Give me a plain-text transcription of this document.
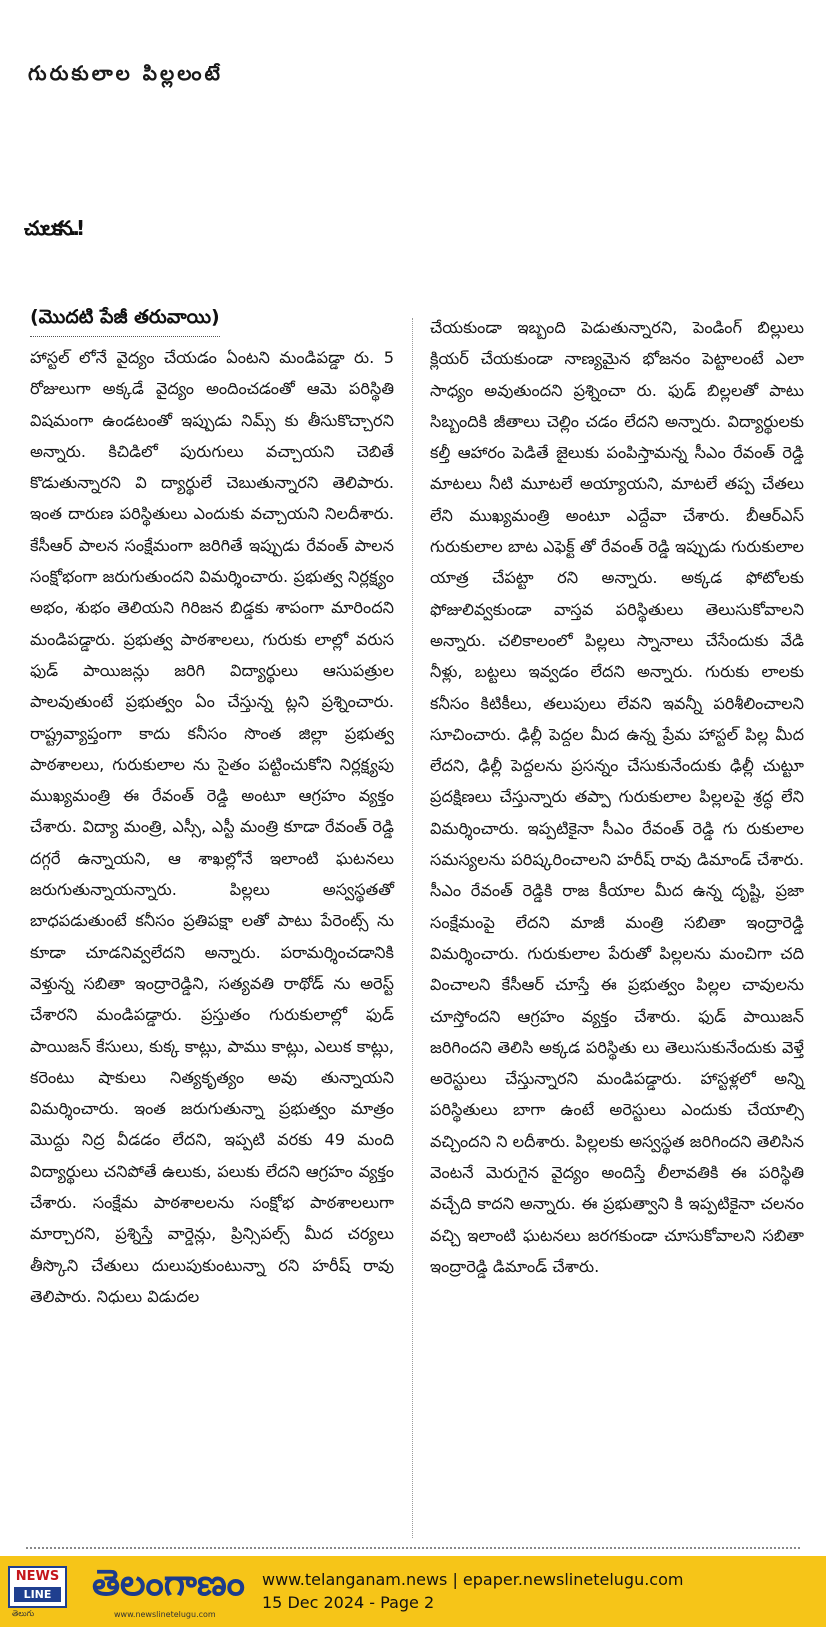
గురుకులాల పిల్లలంటే
చులకన..!
(మొదటి పేజీ తరువాయి)

హాస్టల్ లోనే వైద్యం చేయడం ఏంటని మండిపడ్డా రు. 5 రోజులుగా అక్కడే వైద్యం అందించడంతో ఆమె పరిస్థితి విషమంగా ఉండటంతో ఇప్పుడు నిమ్స్ కు తీసుకొచ్చారని అన్నారు. కిచిడిలో పురుగులు వచ్చాయని చెబితే కొడుతున్నారని వి ద్యార్థులే చెబుతున్నారని తెలిపారు. ఇంత దారుణ పరిస్థితులు ఎందుకు వచ్చాయని నిలదీశారు. కేసీఆర్ పాలన సంక్షేమంగా జరిగితే ఇప్పుడు రేవంత్ పాలన సంక్షోభంగా జరుగుతుందని విమర్శించారు. ప్రభుత్వ నిర్లక్ష్యం అభం, శుభం తెలియని గిరిజన బిడ్డకు శాపంగా మారిందని మండిపడ్డారు. ప్రభుత్వ పాఠశాలలు, గురుకు లాల్లో వరుస ఫుడ్ పాయిజన్లు జరిగి విద్యార్థులు ఆసుపత్రుల పాలవుతుంటే ప్రభుత్వం ఏం చేస్తున్న ట్లని ప్రశ్నించారు. రాష్ట్రవ్యాప్తంగా కాదు కనీసం సొంత జిల్లా ప్రభుత్వ పాఠశాలలు, గురుకులాల ను సైతం పట్టించుకోని నిర్లక్ష్యపు ముఖ్యమంత్రి ఈ రేవంత్ రెడ్డి అంటూ ఆగ్రహం వ్యక్తం చేశారు. విద్యా మంత్రి, ఎస్సీ, ఎస్టీ మంత్రి కూడా రేవంత్ రెడ్డి దగ్గరే ఉన్నాయని, ఆ శాఖల్లోనే ఇలాంటి ఘటనలు జరుగుతున్నాయన్నారు. పిల్లలు అస్వస్థతతో బాధపడుతుంటే కనీసం ప్రతిపక్షా లతో పాటు పేరెంట్స్ ను కూడా చూడనివ్వలేదని అన్నారు. పరామర్శించడానికి వెళ్తున్న సబితా ఇంద్రారెడ్డిని, సత్యవతి రాథోడ్ ను అరెస్ట్ చేశారని మండిపడ్డారు. ప్రస్తుతం గురుకులాల్లో ఫుడ్ పాయిజన్ కేసులు, కుక్క కాట్లు, పాము కాట్లు, ఎలుక కాట్లు, కరెంటు షాకులు నిత్యకృత్యం అవు తున్నాయని విమర్శించారు. ఇంత జరుగుతున్నా ప్రభుత్వం మాత్రం మొద్దు నిద్ర వీడడం లేదని, ఇప్పటి వరకు 49 మంది విద్యార్థులు చనిపోతే ఉలుకు, పలుకు లేదని ఆగ్రహం వ్యక్తం చేశారు. సంక్షేమ పాఠశాలలను సంక్షోభ పాఠశాలలుగా మార్చారని, ప్రశ్నిస్తే వార్డెన్లు, ప్రిన్సిపల్స్ మీద చర్యలు తీస్కొని చేతులు దులుపుకుంటున్నా రని హరీష్ రావు తెలిపారు. నిధులు విడుదల

చేయకుండా ఇబ్బంది పెడుతున్నారని, పెండింగ్ బిల్లులు క్లియర్ చేయకుండా నాణ్యమైన భోజనం పెట్టాలంటే ఎలా సాధ్యం అవుతుందని ప్రశ్నించా రు. ఫుడ్ బిల్లలతో పాటు సిబ్బందికి జీతాలు చెల్లిం చడం లేదని అన్నారు. విద్యార్థులకు కల్తీ ఆహారం పెడితే జైలుకు పంపిస్తామన్న సీఎం రేవంత్ రెడ్డి మాటలు నీటి మూటలే అయ్యాయని, మాటలే తప్ప చేతలు లేని ముఖ్యమంత్రి అంటూ ఎద్దేవా చేశారు. బీఆర్ఎస్ గురుకులాల బాట ఎఫెక్ట్ తో రేవంత్ రెడ్డి ఇప్పుడు గురుకులాల యాత్ర చేపట్టా రని అన్నారు. అక్కడ ఫోటోలకు ఫోజులివ్వకుండా వాస్తవ పరిస్థితులు తెలుసుకోవాలని అన్నారు. చలికాలంలో పిల్లలు స్నానాలు చేసేందుకు వేడి నీళ్లు, బట్టలు ఇవ్వడం లేదని అన్నారు. గురుకు లాలకు కనీసం కిటికీలు, తలుపులు లేవని ఇవన్నీ పరిశీలించాలని సూచించారు. ఢిల్లీ పెద్దల మీద ఉన్న ప్రేమ హాస్టల్ పిల్ల మీద లేదని, ఢిల్లీ పెద్దలను ప్రసన్నం చేసుకునేందుకు ఢిల్లీ చుట్టూ ప్రదక్షిణలు చేస్తున్నారు తప్పా గురుకులాల పిల్లలపై శ్రద్ధ లేని విమర్శించారు. ఇప్పటికైనా సీఎం రేవంత్ రెడ్డి గు రుకులాల సమస్యలను పరిష్కరించాలని హరీష్ రావు డిమాండ్ చేశారు. సీఎం రేవంత్ రెడ్డికి రాజ కీయాల మీద ఉన్న దృష్టి, ప్రజా సంక్షేమంపై లేదని మాజీ మంత్రి సబితా ఇంద్రారెడ్డి విమర్శించారు. గురుకులాల పేరుతో పిల్లలను మంచిగా చది వించాలని కేసీఆర్ చూస్తే ఈ ప్రభుత్వం పిల్లల చావులను చూస్తోందని ఆగ్రహం వ్యక్తం చేశారు. ఫుడ్ పాయిజన్ జరిగిందని తెలిసి అక్కడ పరిస్థితు లు తెలుసుకునేందుకు వెళ్తే అరెస్టులు చేస్తున్నారని మండిపడ్డారు. హాస్టళ్లలో అన్ని పరిస్థితులు బాగా ఉంటే అరెస్టులు ఎందుకు చేయాల్సి వచ్చిందని ని లదీశారు. పిల్లలకు అస్వస్థత జరిగిందని తెలిసిన వెంటనే మెరుగైన వైద్యం అందిస్తే లీలావతికి ఈ పరిస్థితి వచ్చేది కాదని అన్నారు. ఈ ప్రభుత్వాని కి ఇప్పటికైనా చలనం వచ్చి ఇలాంటి ఘటనలు జరగకుండా చూసుకోవాలని సబితా ఇంద్రారెడ్డి డిమాండ్ చేశారు.

NEWS
LINE
తెలుగు
తెలంగాణం
www.newslinetelugu.com
www.telanganam.news | epaper.newslinetelugu.com
15 Dec 2024 - Page 2
